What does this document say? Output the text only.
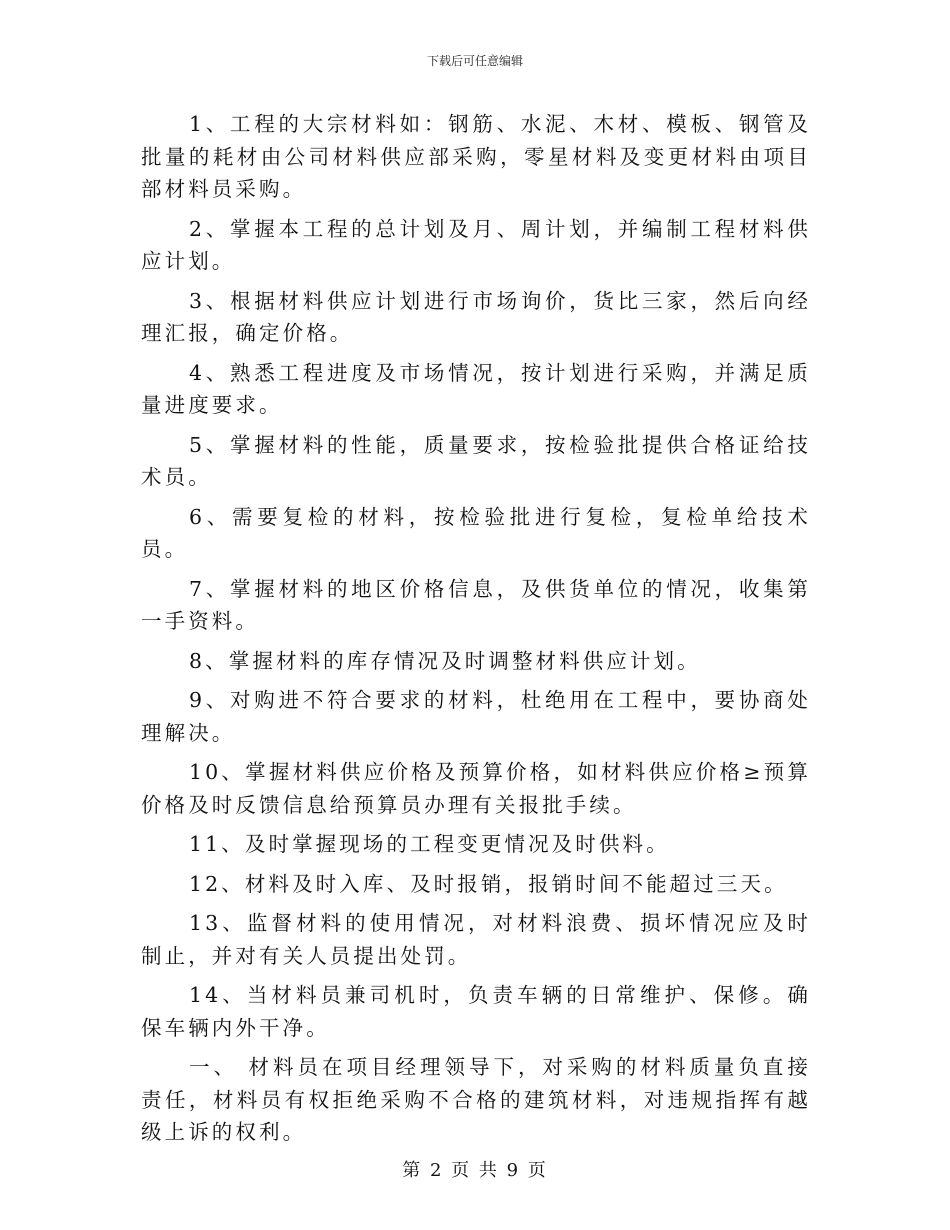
下载后可任意编辑

1、工程的大宗材料如：钢筋、水泥、木材、模板、钢管及批量的耗材由公司材料供应部采购，零星材料及变更材料由项目部材料员采购。

2、掌握本工程的总计划及月、周计划，并编制工程材料供应计划。

3、根据材料供应计划进行市场询价，货比三家，然后向经理汇报，确定价格。

4、熟悉工程进度及市场情况，按计划进行采购，并满足质量进度要求。

5、掌握材料的性能，质量要求，按检验批提供合格证给技术员。

6、需要复检的材料，按检验批进行复检，复检单给技术员。

7、掌握材料的地区价格信息，及供货单位的情况，收集第一手资料。

8、掌握材料的库存情况及时调整材料供应计划。

9、对购进不符合要求的材料，杜绝用在工程中，要协商处理解决。

10、掌握材料供应价格及预算价格，如材料供应价格≥预算 价格及时反馈信息给预算员办理有关报批手续。

11、及时掌握现场的工程变更情况及时供料。

12、材料及时入库、及时报销，报销时间不能超过三天。

13、监督材料的使用情况，对材料浪费、损坏情况应及时制止，并对有关人员提出处罚。

14、当材料员兼司机时，负责车辆的日常维护、保修。确保车辆内外干净。

一、 材料员在项目经理领导下，对采购的材料质量负直接责任，材料员有权拒绝采购不合格的建筑材料，对违规指挥有越级上诉的权利。

第 2 页 共 9 页
